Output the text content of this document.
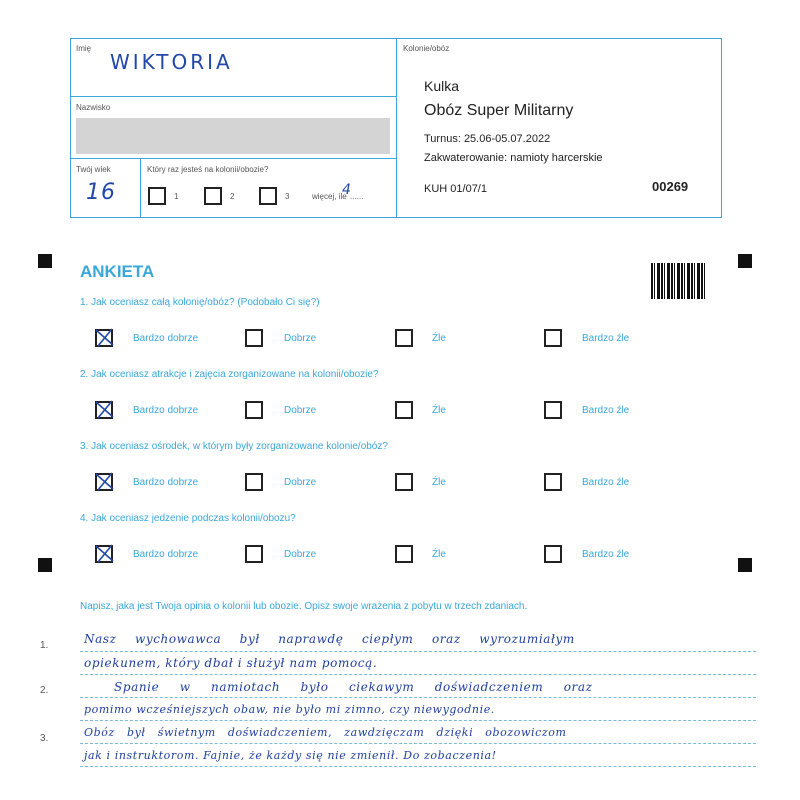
Imię
WIKTORIA
Nazwisko
Twój wiek
16
Który raz jesteś na kolonii/obozie?
1	2	3	więcej, ile ......
4
Kolonie/obóz
Kulka
Obóz Super Militarny
Turnus: 25.06-05.07.2022
Zakwaterowanie: namioty harcerskie
KUH 01/07/1	00269
ANKIETA
1. Jak oceniasz całą kolonię/obóz? (Podobało Ci się?)
Bardzo dobrze	Dobrze	Źle	Bardzo źle
2. Jak oceniasz atrakcje i zajęcia zorganizowane na kolonii/obozie?
Bardzo dobrze	Dobrze	Źle	Bardzo źle
3. Jak oceniasz ośrodek, w którym były zorganizowane kolonie/obóz?
Bardzo dobrze	Dobrze	Źle	Bardzo źle
4. Jak oceniasz jedzenie podczas kolonii/obozu?
Bardzo dobrze	Dobrze	Źle	Bardzo źle
Napisz, jaka jest Twoja opinia o kolonii lub obozie. Opisz swoje wrażenia z pobytu w trzech zdaniach.
1.
2.
3.
Nasz wychowawca był naprawdę ciepłym oraz wyrozumiałym
opiekunem, który dbał i służył nam pomocą.
Spanie w namiotach było ciekawym doświadczeniem oraz
pomimo wcześniejszych obaw, nie było mi zimno, czy niewygodnie.
Obóz był świetnym doświadczeniem, zawdzięczam dzięki obozowiczom
jak i instruktorom. Fajnie, że każdy się nie zmienił. Do zobaczenia!
